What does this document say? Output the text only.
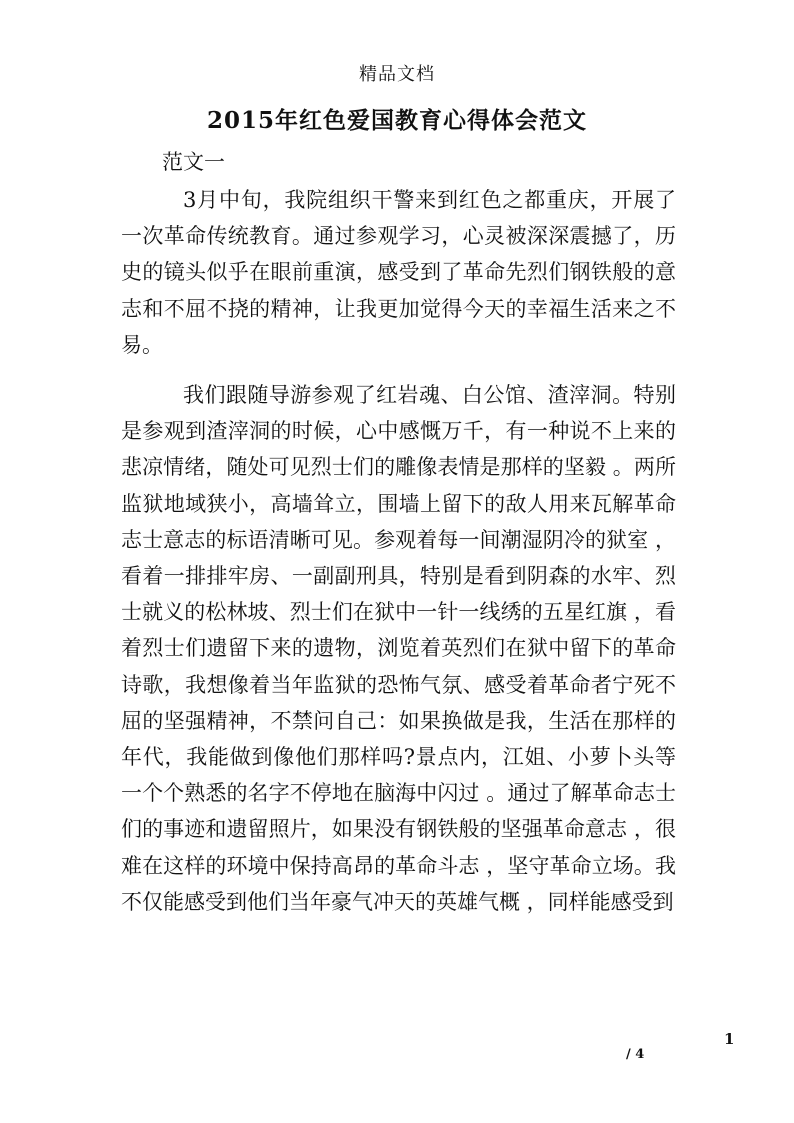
精品文档
2015年红色爱国教育心得体会范文
范文一

3月中旬，我院组织干警来到红色之都重庆，开展了一次革命传统教育。通过参观学习，心灵被深深震撼了，历史的镜头似乎在眼前重演，感受到了革命先烈们钢铁般的意志和不屈不挠的精神，让我更加觉得今天的幸福生活来之不易。

我们跟随导游参观了红岩魂、白公馆、渣滓洞。特别是参观到渣滓洞的时候，心中感慨万千，有一种说不上来的悲凉情绪，随处可见烈士们的雕像表情是那样的坚毅 。两所监狱地域狭小，高墙耸立，围墙上留下的敌人用来瓦解革命志士意志的标语清晰可见。参观着每一间潮湿阴冷的狱室 ，看着一排排牢房、一副副刑具，特别是看到阴森的水牢、烈士就义的松林坡、烈士们在狱中一针一线绣的五星红旗 ，看着烈士们遗留下来的遗物，浏览着英烈们在狱中留下的革命诗歌，我想像着当年监狱的恐怖气氛、感受着革命者宁死不屈的坚强精神，不禁问自己：如果换做是我，生活在那样的年代，我能做到像他们那样吗?景点内，江姐、小萝卜头等一个个熟悉的名字不停地在脑海中闪过 。通过了解革命志士们的事迹和遗留照片，如果没有钢铁般的坚强革命意志 ，很难在这样的环境中保持高昂的革命斗志 ，坚守革命立场。我不仅能感受到他们当年豪气冲天的英雄气概 ，同样能感受到

1
/ 4
